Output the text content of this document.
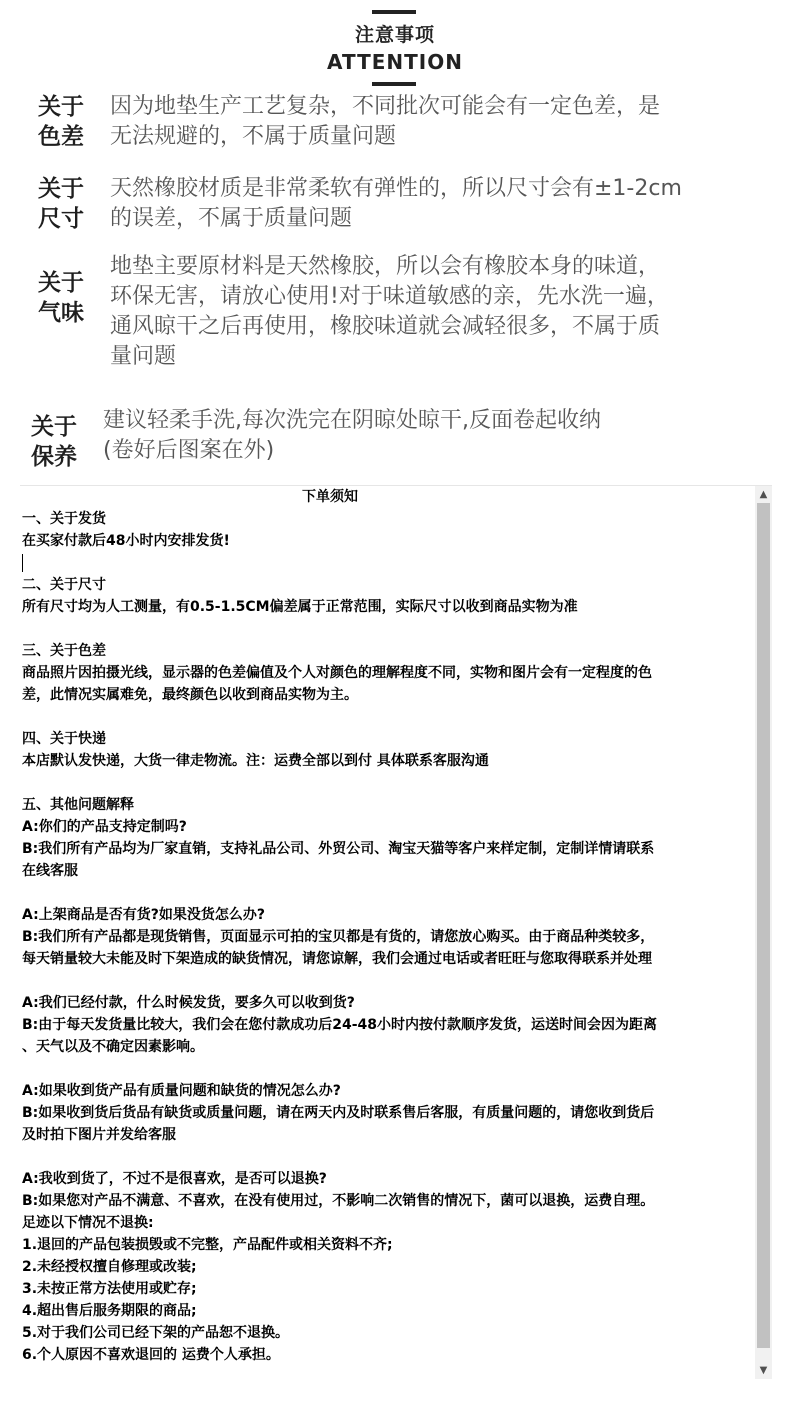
注意事项
ATTENTION
关于
色差
因为地垫生产工艺复杂，不同批次可能会有一定色差，是
无法规避的，不属于质量问题
关于
尺寸
天然橡胶材质是非常柔软有弹性的，所以尺寸会有±1-2cm
的误差，不属于质量问题
关于
气味
地垫主要原材料是天然橡胶，所以会有橡胶本身的味道，
环保无害，请放心使用!对于味道敏感的亲，先水洗一遍，
通风晾干之后再使用，橡胶味道就会减轻很多，不属于质
量问题
关于
保养
建议轻柔手洗,每次洗完在阴晾处晾干,反面卷起收纳
(卷好后图案在外)
下单须知
一、关于发货
在买家付款后48小时内安排发货!
二、关于尺寸
所有尺寸均为人工测量，有0.5-1.5CM偏差属于正常范围，实际尺寸以收到商品实物为准
三、关于色差
商品照片因拍摄光线，显示器的色差偏值及个人对颜色的理解程度不同，实物和图片会有一定程度的色
差，此情况实属难免，最终颜色以收到商品实物为主。
四、关于快递
本店默认发快递，大货一律走物流。注：运费全部以到付 具体联系客服沟通
五、其他问题解释
A:你们的产品支持定制吗?
B:我们所有产品均为厂家直销，支持礼品公司、外贸公司、淘宝天猫等客户来样定制，定制详情请联系
在线客服
A:上架商品是否有货?如果没货怎么办?
B:我们所有产品都是现货销售，页面显示可拍的宝贝都是有货的，请您放心购买。由于商品种类较多，
每天销量较大未能及时下架造成的缺货情况，请您谅解，我们会通过电话或者旺旺与您取得联系并处理
A:我们已经付款，什么时候发货，要多久可以收到货?
B:由于每天发货量比较大，我们会在您付款成功后24-48小时内按付款顺序发货，运送时间会因为距离
、天气以及不确定因素影响。
A:如果收到货产品有质量问题和缺货的情况怎么办?
B:如果收到货后货品有缺货或质量问题，请在两天内及时联系售后客服，有质量问题的，请您收到货后
及时拍下图片并发给客服
A:我收到货了，不过不是很喜欢，是否可以退换?
B:如果您对产品不满意、不喜欢，在没有使用过，不影响二次销售的情况下，菌可以退换，运费自理。
足迹以下情况不退换:
1.退回的产品包装损毁或不完整，产品配件或相关资料不齐;
2.未经授权擅自修理或改装;
3.未按正常方法使用或贮存;
4.超出售后服务期限的商品;
5.对于我们公司已经下架的产品恕不退换。
6.个人原因不喜欢退回的 运费个人承担。
▲
▼
